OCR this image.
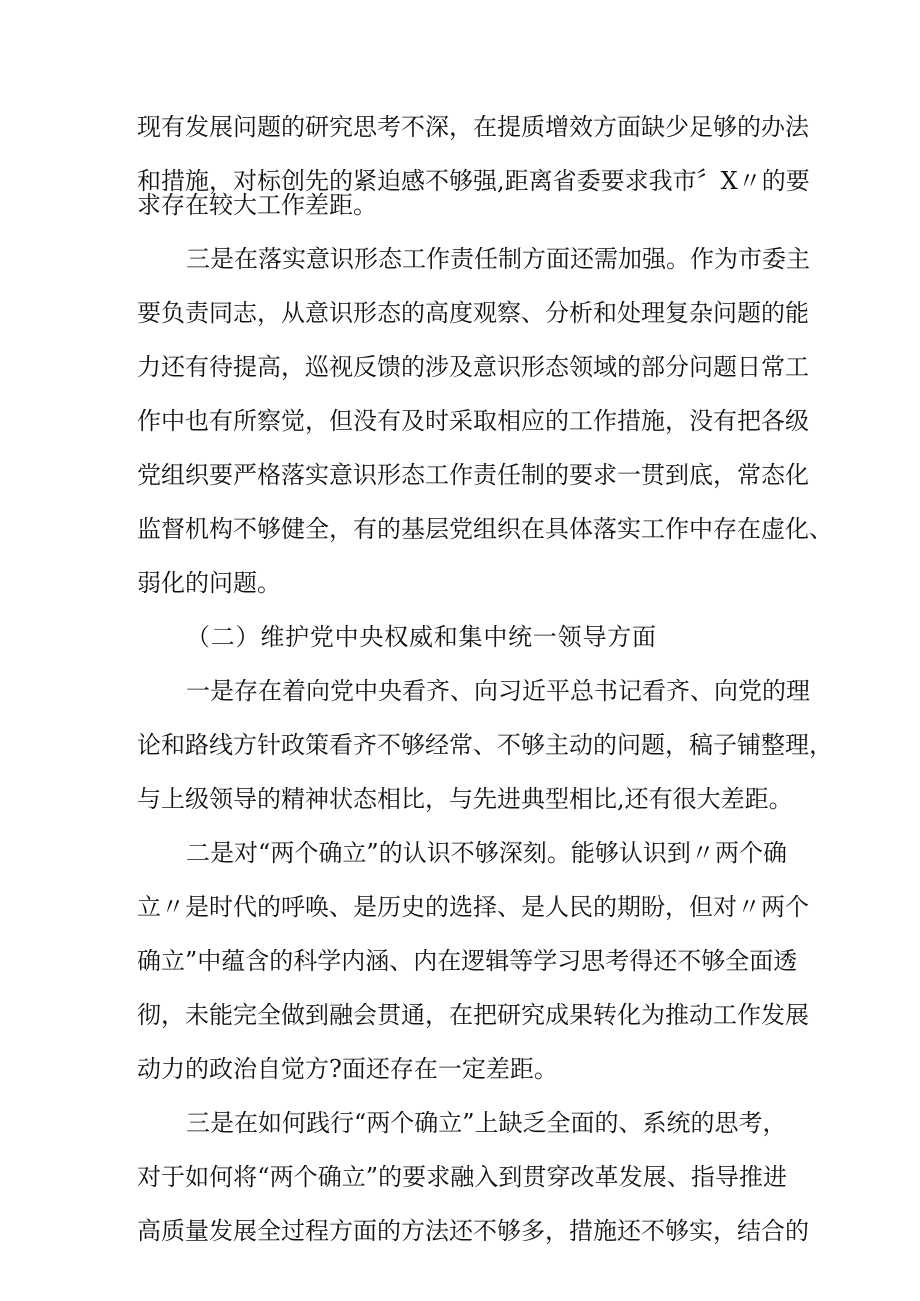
现有发展问题的研究思考不深，在提质增效方面缺少足够的办法
和措施，对标创先的紧迫感不够强,距离省委要求我市〞X〃的要
求存在较大工作差距。
三是在落实意识形态工作责任制方面还需加强。作为市委主
要负责同志，从意识形态的高度观察、分析和处理复杂问题的能
力还有待提高，巡视反馈的涉及意识形态领域的部分问题日常工
作中也有所察觉，但没有及时采取相应的工作措施，没有把各级
党组织要严格落实意识形态工作责任制的要求一贯到底，常态化
监督机构不够健全，有的基层党组织在具体落实工作中存在虚化、
弱化的问题。
（二）维护党中央权威和集中统一领导方面
一是存在着向党中央看齐、向习近平总书记看齐、向党的理
论和路线方针政策看齐不够经常、不够主动的问题，稿子铺整理，
与上级领导的精神状态相比，与先进典型相比,还有很大差距。
二是对“两个确立”的认识不够深刻。能够认识到〃两个确
立〃是时代的呼唤、是历史的选择、是人民的期盼，但对〃两个
确立”中蕴含的科学内涵、内在逻辑等学习思考得还不够全面透
彻，未能完全做到融会贯通，在把研究成果转化为推动工作发展
动力的政治自觉方?面还存在一定差距。
三是在如何践行“两个确立”上缺乏全面的、系统的思考，
对于如何将“两个确立”的要求融入到贯穿改革发展、指导推进
高质量发展全过程方面的方法还不够多，措施还不够实，结合的
